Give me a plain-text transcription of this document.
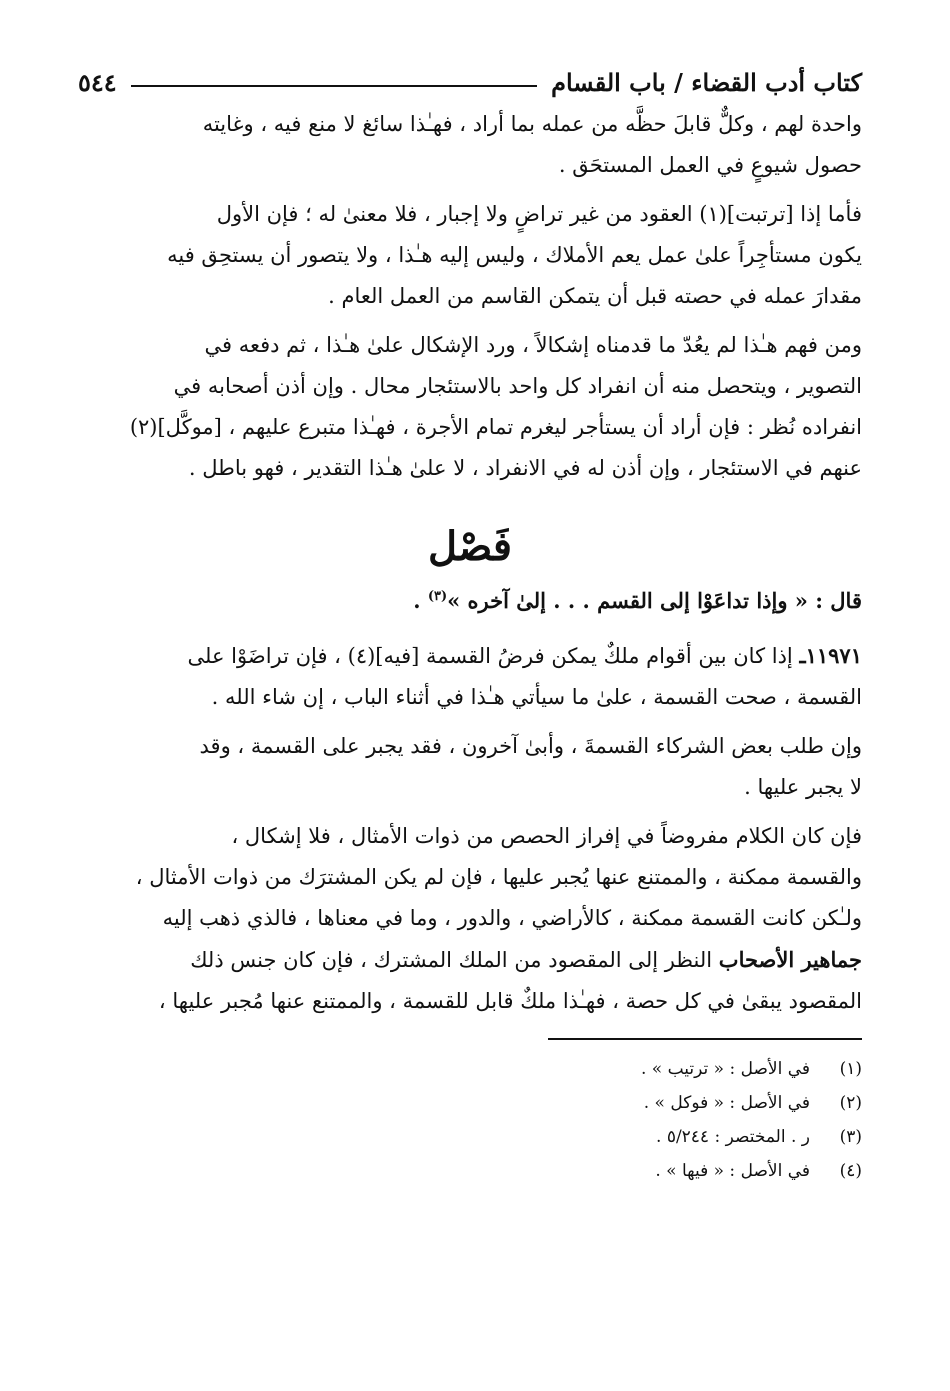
كتاب أدب القضاء / باب القسام
٥٤٤

واحدة لهم ، وكلٌّ قابلَ حظَّه من عمله بما أراد ، فهـٰذا سائغ لا منع فيه ، وغايته

حصول شيوعٍ في العمل المستحَق .

فأما إذا [ترتبت](١) العقود من غير تراضٍ ولا إجبار ، فلا معنىٰ له ؛ فإن الأول

يكون مستأجِراً علىٰ عمل يعم الأملاك ، وليس إليه هـٰذا ، ولا يتصور أن يستحِق فيه

مقدارَ عمله في حصته قبل أن يتمكن القاسم من العمل العام .

ومن فهم هـٰذا لم يعُدّ ما قدمناه إشكالاً ، ورد الإشكال علىٰ هـٰذا ، ثم دفعه في

التصوير ، ويتحصل منه أن انفراد كل واحد بالاستئجار محال . وإن أذن أصحابه في

انفراده نُظر : فإن أراد أن يستأجر ليغرم تمام الأجرة ، فهـٰذا متبرع عليهم ، [موكَّل](٢)

عنهم في الاستئجار ، وإن أذن له في الانفراد ، لا علىٰ هـٰذا التقدير ، فهو باطل .

فَصْل
قال : « وإذا تداعَوْا إلى القسم . . . إلىٰ آخره »$^{(٣)}$ .

١١٩٧١ـ إذا كان بين أقوام ملكٌ يمكن فرضُ القسمة [فيه](٤) ، فإن تراضَوْا على

القسمة ، صحت القسمة ، علىٰ ما سيأتي هـٰذا في أثناء الباب ، إن شاء الله .

وإن طلب بعض الشركاء القسمةَ ، وأبىٰ آخرون ، فقد يجبر على القسمة ، وقد

لا يجبر عليها .

فإن كان الكلام مفروضاً في إفراز الحصص من ذوات الأمثال ، فلا إشكال ،

والقسمة ممكنة ، والممتنع عنها يُجبر عليها ، فإن لم يكن المشترَك من ذوات الأمثال ،

ولـٰكن كانت القسمة ممكنة ، كالأراضي ، والدور ، وما في معناها ، فالذي ذهب إليه

جماهير الأصحاب النظر إلى المقصود من الملك المشترك ، فإن كان جنس ذلك

المقصود يبقىٰ في كل حصة ، فهـٰذا ملكٌ قابل للقسمة ، والممتنع عنها مُجبر عليها ،

(١)
في الأصل : « ترتيب » .
(٢)
في الأصل : « فوكل » .
(٣)
ر . المختصر : ٥/٢٤٤ .
(٤)
في الأصل : « فيها » .
